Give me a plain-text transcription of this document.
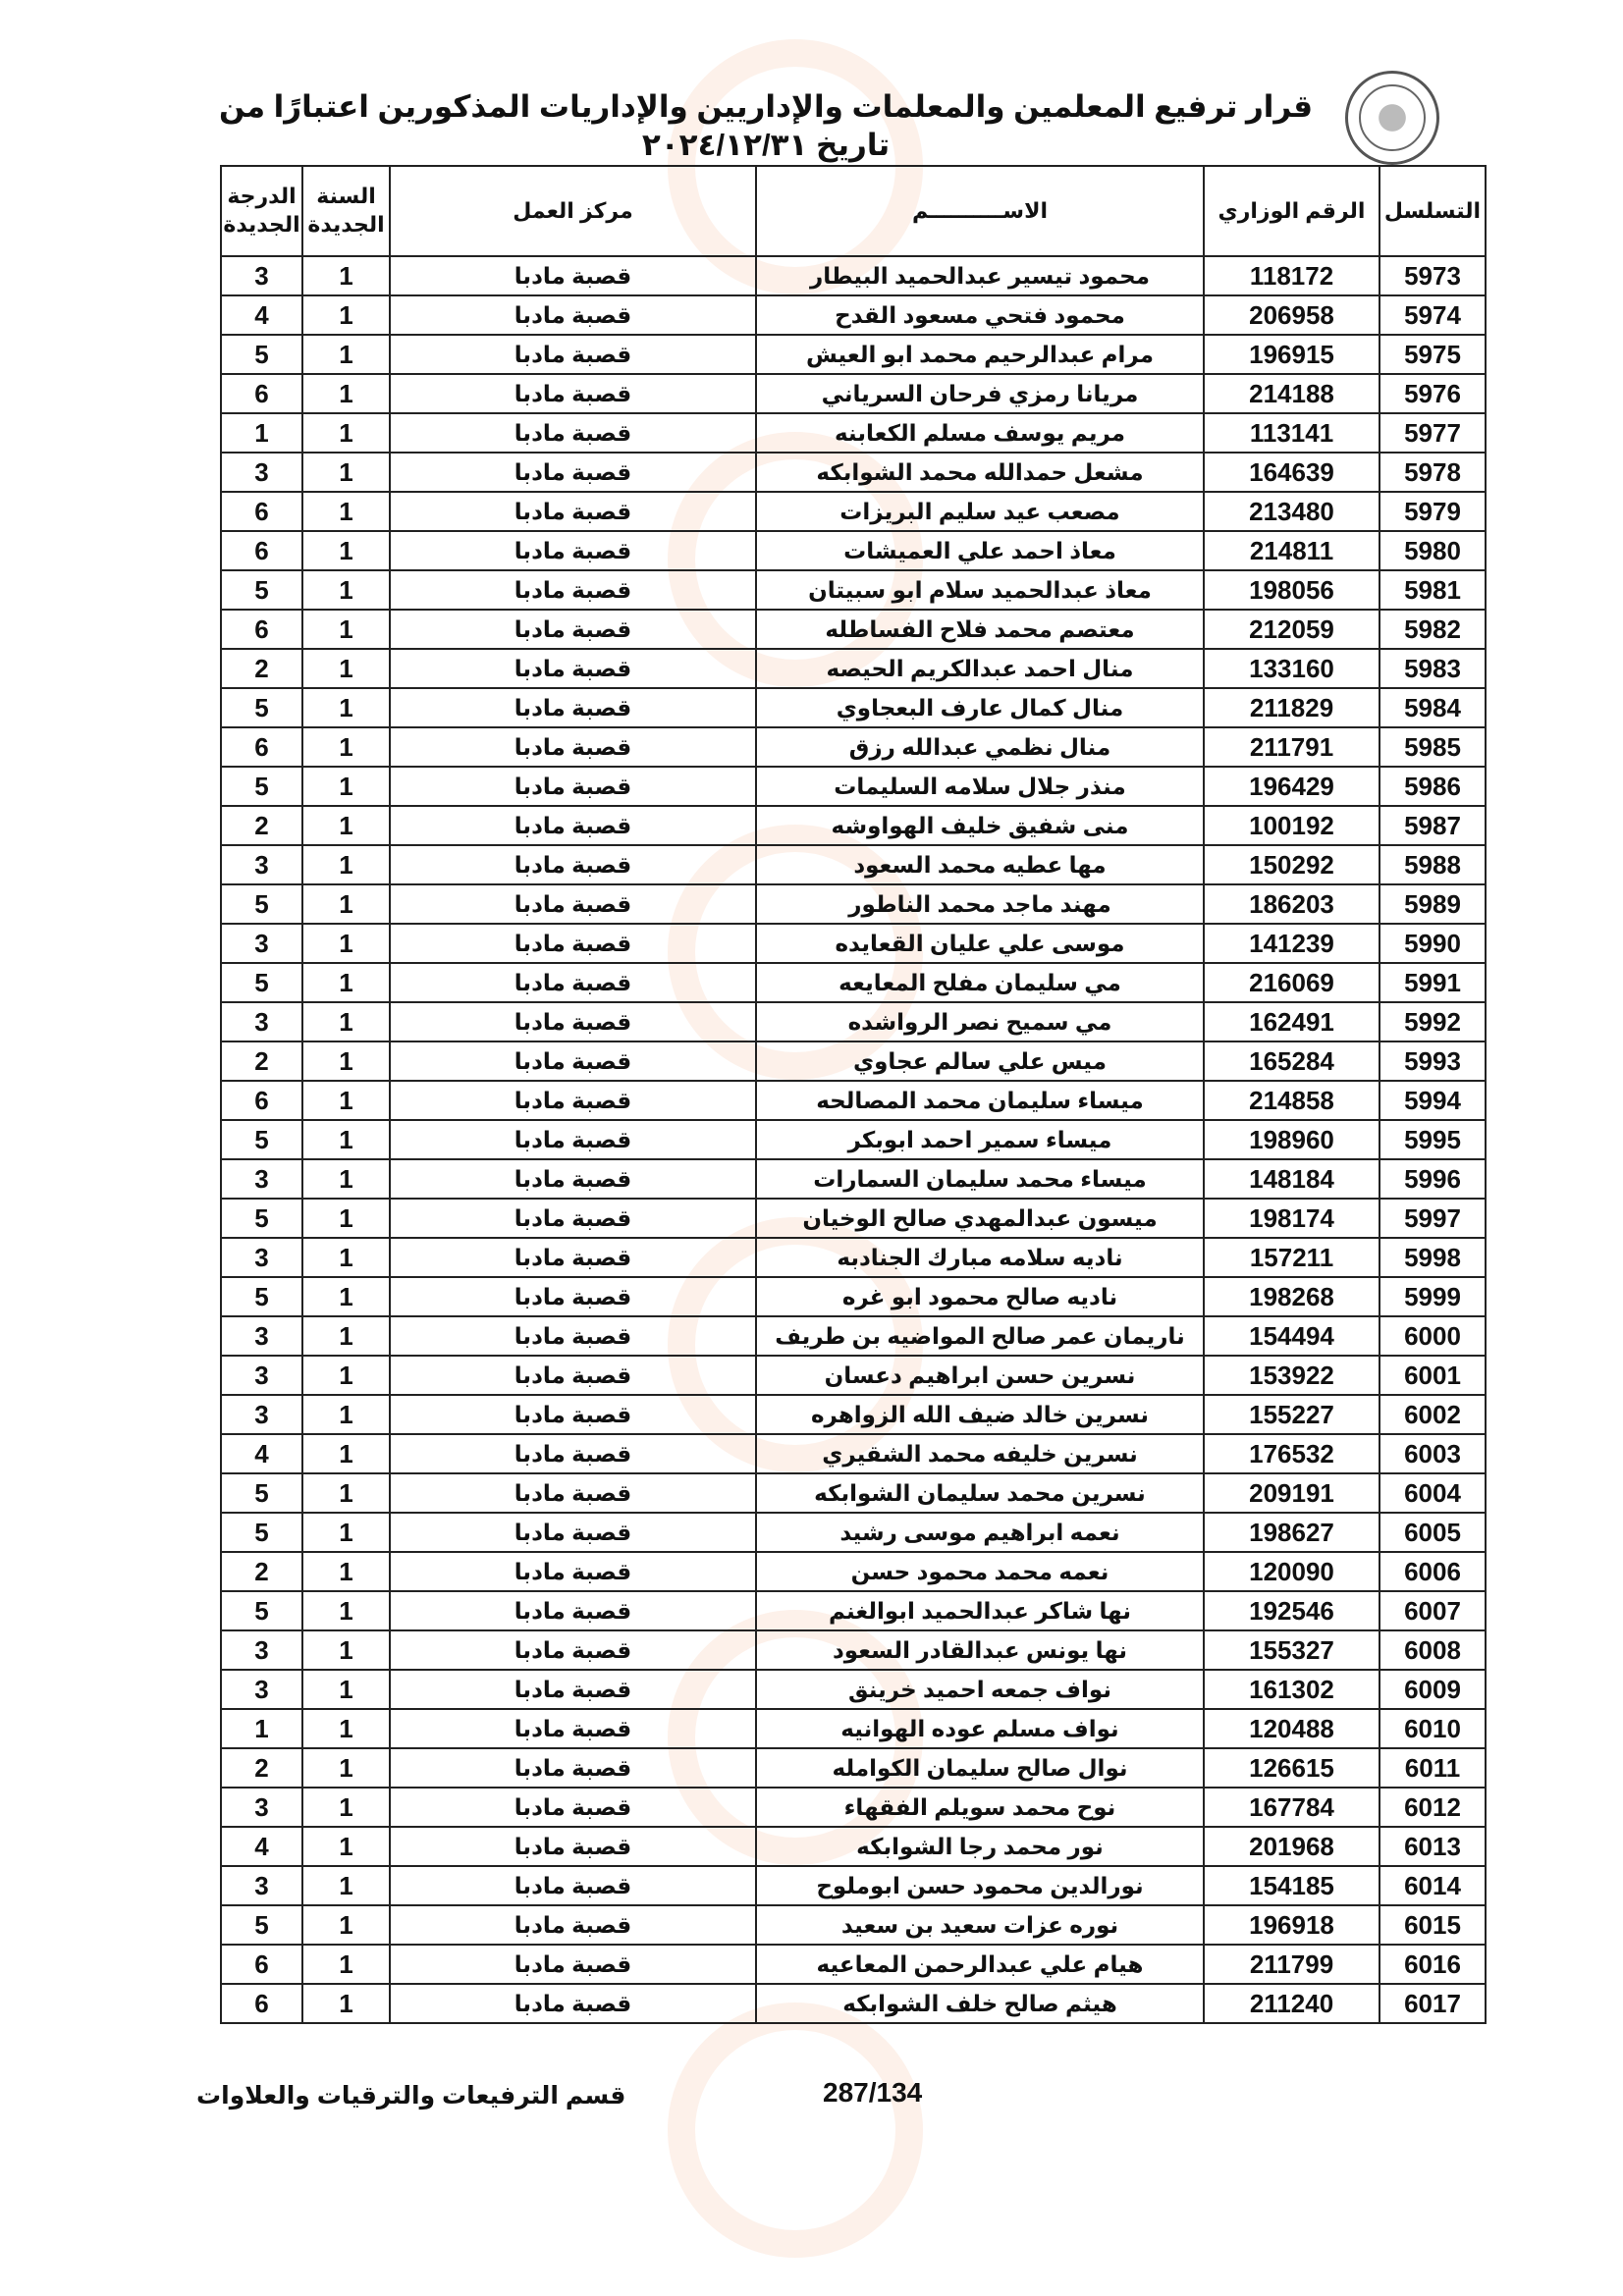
قرار ترفيع المعلمين والمعلمات والإداريين والإداريات المذكورين اعتبارًا من تاريخ ٢٠٢٤/١٢/٣١
التسلسل	الرقم الوزاري	الاســــــــــم	مركز العمل	السنة الجديدة	الدرجة الجديدة
5973	118172	محمود تيسير عبدالحميد البيطار	قصبة مادبا	1	3
5974	206958	محمود فتحي مسعود القدح	قصبة مادبا	1	4
5975	196915	مرام عبدالرحيم محمد ابو العيش	قصبة مادبا	1	5
5976	214188	مريانا رمزي فرحان السرياني	قصبة مادبا	1	6
5977	113141	مريم يوسف مسلم الكعابنه	قصبة مادبا	1	1
5978	164639	مشعل حمدالله محمد الشوابكه	قصبة مادبا	1	3
5979	213480	مصعب عيد سليم البريزات	قصبة مادبا	1	6
5980	214811	معاذ احمد علي العميشات	قصبة مادبا	1	6
5981	198056	معاذ عبدالحميد سلام ابو سبيتان	قصبة مادبا	1	5
5982	212059	معتصم محمد فلاح الفساطله	قصبة مادبا	1	6
5983	133160	منال احمد عبدالكريم الحيصه	قصبة مادبا	1	2
5984	211829	منال كمال عارف البعجاوي	قصبة مادبا	1	5
5985	211791	منال نظمي عبدالله رزق	قصبة مادبا	1	6
5986	196429	منذر جلال سلامه السليمات	قصبة مادبا	1	5
5987	100192	منى شفيق خليف الهواوشه	قصبة مادبا	1	2
5988	150292	مها عطيه محمد السعود	قصبة مادبا	1	3
5989	186203	مهند ماجد محمد الناطور	قصبة مادبا	1	5
5990	141239	موسى علي عليان القعايده	قصبة مادبا	1	3
5991	216069	مي سليمان مفلح المعايعه	قصبة مادبا	1	5
5992	162491	مي سميح نصر الرواشده	قصبة مادبا	1	3
5993	165284	ميس علي سالم عجاوي	قصبة مادبا	1	2
5994	214858	ميساء سليمان محمد المصالحه	قصبة مادبا	1	6
5995	198960	ميساء سمير احمد ابوبكر	قصبة مادبا	1	5
5996	148184	ميساء محمد سليمان السمارات	قصبة مادبا	1	3
5997	198174	ميسون عبدالمهدي صالح الوخيان	قصبة مادبا	1	5
5998	157211	ناديه سلامه مبارك الجنادبه	قصبة مادبا	1	3
5999	198268	ناديه صالح محمود ابو غره	قصبة مادبا	1	5
6000	154494	ناريمان عمر صالح المواضيه بن طريف	قصبة مادبا	1	3
6001	153922	نسرين حسن ابراهيم دعسان	قصبة مادبا	1	3
6002	155227	نسرين خالد ضيف الله الزواهره	قصبة مادبا	1	3
6003	176532	نسرين خليفه محمد الشقيري	قصبة مادبا	1	4
6004	209191	نسرين محمد سليمان الشوابكه	قصبة مادبا	1	5
6005	198627	نعمه ابراهيم موسى رشيد	قصبة مادبا	1	5
6006	120090	نعمه محمد محمود حسن	قصبة مادبا	1	2
6007	192546	نها شاكر عبدالحميد ابوالغنم	قصبة مادبا	1	5
6008	155327	نها يونس عبدالقادر السعود	قصبة مادبا	1	3
6009	161302	نواف جمعه احميد خرينق	قصبة مادبا	1	3
6010	120488	نواف مسلم عوده الهوانيه	قصبة مادبا	1	1
6011	126615	نوال صالح سليمان الكوامله	قصبة مادبا	1	2
6012	167784	نوح محمد سويلم الفقهاء	قصبة مادبا	1	3
6013	201968	نور محمد رجا الشوابكه	قصبة مادبا	1	4
6014	154185	نورالدين محمود حسن ابوملوح	قصبة مادبا	1	3
6015	196918	نوره عزات سعيد بن سعيد	قصبة مادبا	1	5
6016	211799	هيام علي عبدالرحمن المعاعيه	قصبة مادبا	1	6
6017	211240	هيثم صالح خلف الشوابكه	قصبة مادبا	1	6
287/134
قسم الترفيعات والترقيات والعلاوات
